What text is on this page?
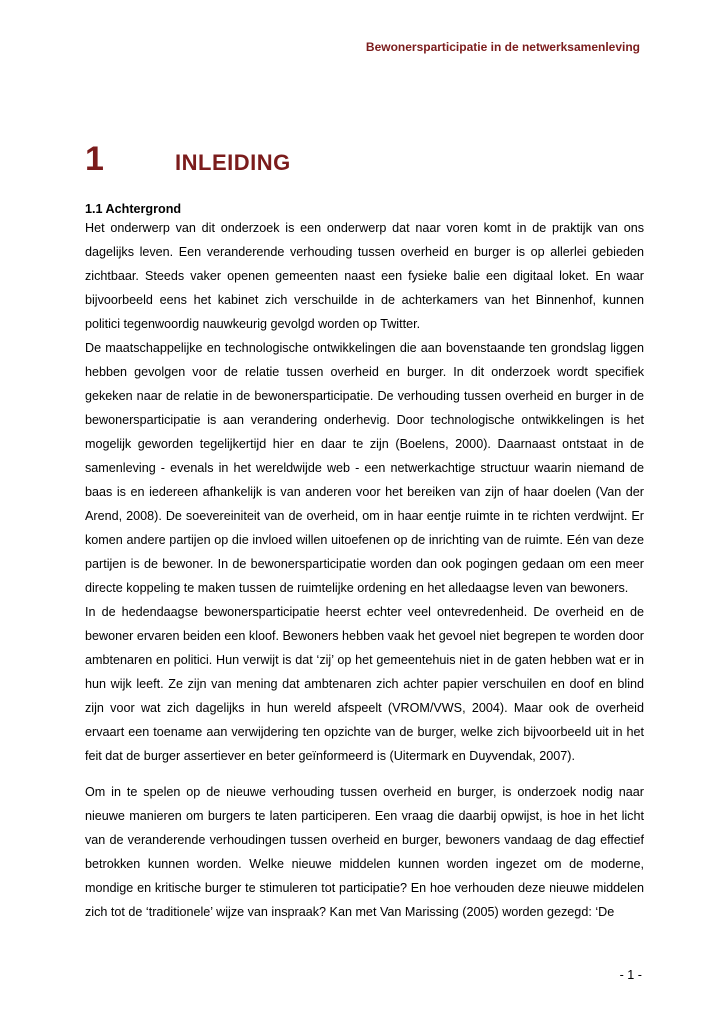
Bewonersparticipatie in de netwerksamenleving
1	INLEIDING
1.1 Achtergrond

Het onderwerp van dit onderzoek is een onderwerp dat naar voren komt in de praktijk van ons dagelijks leven. Een veranderende verhouding tussen overheid en burger is op allerlei gebieden zichtbaar. Steeds vaker openen gemeenten naast een fysieke balie een digitaal loket. En waar bijvoorbeeld eens het kabinet zich verschuilde in de achterkamers van het Binnenhof, kunnen politici tegenwoordig nauwkeurig gevolgd worden op Twitter.

De maatschappelijke en technologische ontwikkelingen die aan bovenstaande ten grondslag liggen hebben gevolgen voor de relatie tussen overheid en burger. In dit onderzoek wordt specifiek gekeken naar de relatie in de bewonersparticipatie. De verhouding tussen overheid en burger in de bewonersparticipatie is aan verandering onderhevig. Door technologische ontwikkelingen is het mogelijk geworden tegelijkertijd hier en daar te zijn (Boelens, 2000). Daarnaast ontstaat in de samenleving - evenals in het wereldwijde web - een netwerkachtige structuur waarin niemand de baas is en iedereen afhankelijk is van anderen voor het bereiken van zijn of haar doelen (Van der Arend, 2008). De soevereiniteit van de overheid, om in haar eentje ruimte in te richten verdwijnt. Er komen andere partijen op die invloed willen uitoefenen op de inrichting van de ruimte. Eén van deze partijen is de bewoner. In de bewonersparticipatie worden dan ook pogingen gedaan om een meer directe koppeling te maken tussen de ruimtelijke ordening en het alledaagse leven van bewoners.

In de hedendaagse bewonersparticipatie heerst echter veel ontevredenheid. De overheid en de bewoner ervaren beiden een kloof. Bewoners hebben vaak het gevoel niet begrepen te worden door ambtenaren en politici. Hun verwijt is dat ‘zij’ op het gemeentehuis niet in de gaten hebben wat er in hun wijk leeft. Ze zijn van mening dat ambtenaren zich achter papier verschuilen en doof en blind zijn voor wat zich dagelijks in hun wereld afspeelt (VROM/VWS, 2004). Maar ook de overheid ervaart een toename aan verwijdering ten opzichte van de burger, welke zich bijvoorbeeld uit in het feit dat de burger assertiever en beter geïnformeerd is (Uitermark en Duyvendak, 2007).

Om in te spelen op de nieuwe verhouding tussen overheid en burger, is onderzoek nodig naar nieuwe manieren om burgers te laten participeren. Een vraag die daarbij opwijst, is hoe in het licht van de veranderende verhoudingen tussen overheid en burger, bewoners vandaag de dag effectief betrokken kunnen worden. Welke nieuwe middelen kunnen worden ingezet om de moderne, mondige en kritische burger te stimuleren tot participatie? En hoe verhouden deze nieuwe middelen zich tot de ‘traditionele’ wijze van inspraak? Kan met Van Marissing (2005) worden gezegd: ‘De

- 1 -
